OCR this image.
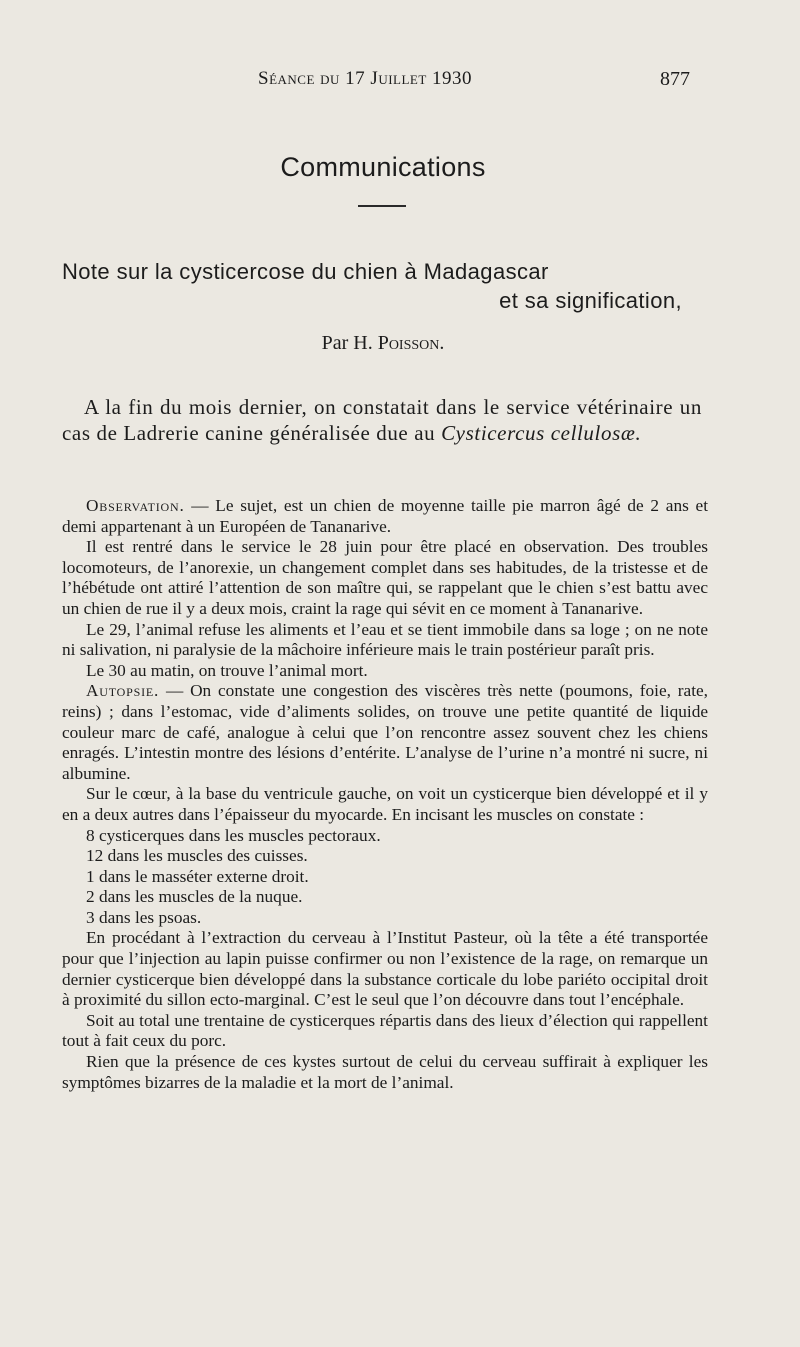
Séance du 17 Juillet 1930	877
Communications
Note sur la cysticercose du chien à Madagascar
et sa signification,
Par H. Poisson.
A la fin du mois dernier, on constatait dans le service vétérinaire un cas de Ladrerie canine généralisée due au Cysticercus cellulosæ.

Observation. — Le sujet, est un chien de moyenne taille pie marron âgé de 2 ans et demi appartenant à un Européen de Tananarive.

Il est rentré dans le service le 28 juin pour être placé en observation. Des troubles locomoteurs, de l’anorexie, un changement complet dans ses habitudes, de la tristesse et de l’hébétude ont attiré l’attention de son maître qui, se rappelant que le chien s’est battu avec un chien de rue il y a deux mois, craint la rage qui sévit en ce moment à Tananarive.

Le 29, l’animal refuse les aliments et l’eau et se tient immobile dans sa loge ; on ne note ni salivation, ni paralysie de la mâchoire inférieure mais le train postérieur paraît pris.

Le 30 au matin, on trouve l’animal mort.

Autopsie. — On constate une congestion des viscères très nette (poumons, foie, rate, reins) ; dans l’estomac, vide d’aliments solides, on trouve une petite quantité de liquide couleur marc de café, analogue à celui que l’on rencontre assez souvent chez les chiens enragés. L’intestin montre des lésions d’entérite. L’analyse de l’urine n’a montré ni sucre, ni albumine.

Sur le cœur, à la base du ventricule gauche, on voit un cysticerque bien développé et il y en a deux autres dans l’épaisseur du myocarde. En incisant les muscles on constate :

8 cysticerques dans les muscles pectoraux.

12 dans les muscles des cuisses.

1 dans le masséter externe droit.

2 dans les muscles de la nuque.

3 dans les psoas.

En procédant à l’extraction du cerveau à l’Institut Pasteur, où la tête a été transportée pour que l’injection au lapin puisse confirmer ou non l’existence de la rage, on remarque un dernier cysticerque bien développé dans la substance corticale du lobe pariéto occipital droit à proximité du sillon ecto-marginal. C’est le seul que l’on découvre dans tout l’encéphale.

Soit au total une trentaine de cysticerques répartis dans des lieux d’élection qui rappellent tout à fait ceux du porc.

Rien que la présence de ces kystes surtout de celui du cerveau suffirait à expliquer les symptômes bizarres de la maladie et la mort de l’animal.
